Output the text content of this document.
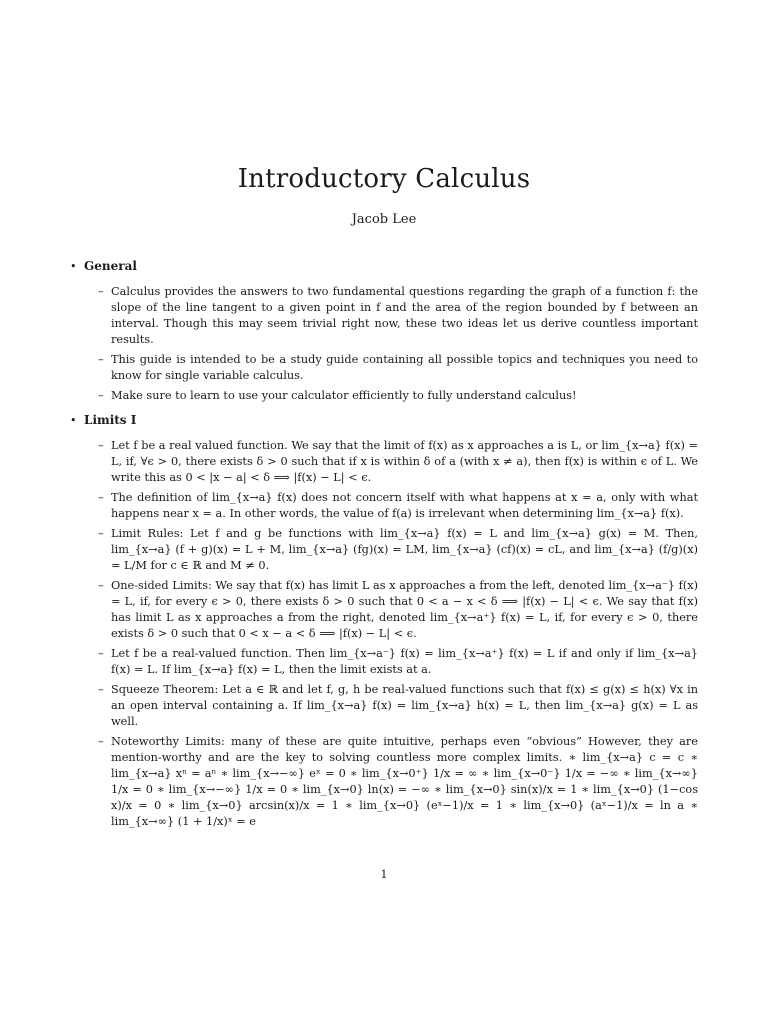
Introductory Calculus
Jacob Lee
• General
– Calculus provides the answers to two fundamental questions regarding the graph of a function f: the slope of the line tangent to a given point in f and the area of the region bounded by f between an interval. Though this may seem trivial right now, these two ideas let us derive countless important results.
– This guide is intended to be a study guide containing all possible topics and techniques you need to know for single variable calculus.
– Make sure to learn to use your calculator efficiently to fully understand calculus!
• Limits I
– Let f be a real valued function. We say that the limit of f(x) as x approaches a is L, or lim_{x→a} f(x) = L, if, ∀ϵ > 0, there exists δ > 0 such that if x is within δ of a (with x ≠ a), then f(x) is within ϵ of L. We write this as 0 < |x − a| < δ ⟹ |f(x) − L| < ϵ.
– The definition of lim_{x→a} f(x) does not concern itself with what happens at x = a, only with what happens near x = a. In other words, the value of f(a) is irrelevant when determining lim_{x→a} f(x).
– Limit Rules: Let f and g be functions with lim_{x→a} f(x) = L and lim_{x→a} g(x) = M. Then, lim_{x→a} (f + g)(x) = L + M, lim_{x→a} (fg)(x) = LM, lim_{x→a} (cf)(x) = cL, and lim_{x→a} (f/g)(x) = L/M for c ∈ ℝ and M ≠ 0.
– One-sided Limits: We say that f(x) has limit L as x approaches a from the left, denoted lim_{x→a⁻} f(x) = L, if, for every ϵ > 0, there exists δ > 0 such that 0 < a − x < δ ⟹ |f(x) − L| < ϵ. We say that f(x) has limit L as x approaches a from the right, denoted lim_{x→a⁺} f(x) = L, if, for every ϵ > 0, there exists δ > 0 such that 0 < x − a < δ ⟹ |f(x) − L| < ϵ.
– Let f be a real-valued function. Then lim_{x→a⁻} f(x) = lim_{x→a⁺} f(x) = L if and only if lim_{x→a} f(x) = L. If lim_{x→a} f(x) = L, then the limit exists at a.
– Squeeze Theorem: Let a ∈ ℝ and let f, g, h be real-valued functions such that f(x) ≤ g(x) ≤ h(x) ∀x in an open interval containing a. If lim_{x→a} f(x) = lim_{x→a} h(x) = L, then lim_{x→a} g(x) = L as well.
– Noteworthy Limits: many of these are quite intuitive, perhaps even “obvious” However, they are mention-worthy and are the key to solving countless more complex limits. ∗ lim_{x→a} c = c ∗ lim_{x→a} xⁿ = aⁿ ∗ lim_{x→−∞} eˣ = 0 ∗ lim_{x→0⁺} 1/x = ∞ ∗ lim_{x→0⁻} 1/x = −∞ ∗ lim_{x→∞} 1/x = 0 ∗ lim_{x→−∞} 1/x = 0 ∗ lim_{x→0} ln(x) = −∞ ∗ lim_{x→0} sin(x)/x = 1 ∗ lim_{x→0} (1−cos x)/x = 0 ∗ lim_{x→0} arcsin(x)/x = 1 ∗ lim_{x→0} (eˣ−1)/x = 1 ∗ lim_{x→0} (aˣ−1)/x = ln a ∗ lim_{x→∞} (1 + 1/x)ˣ = e
1
